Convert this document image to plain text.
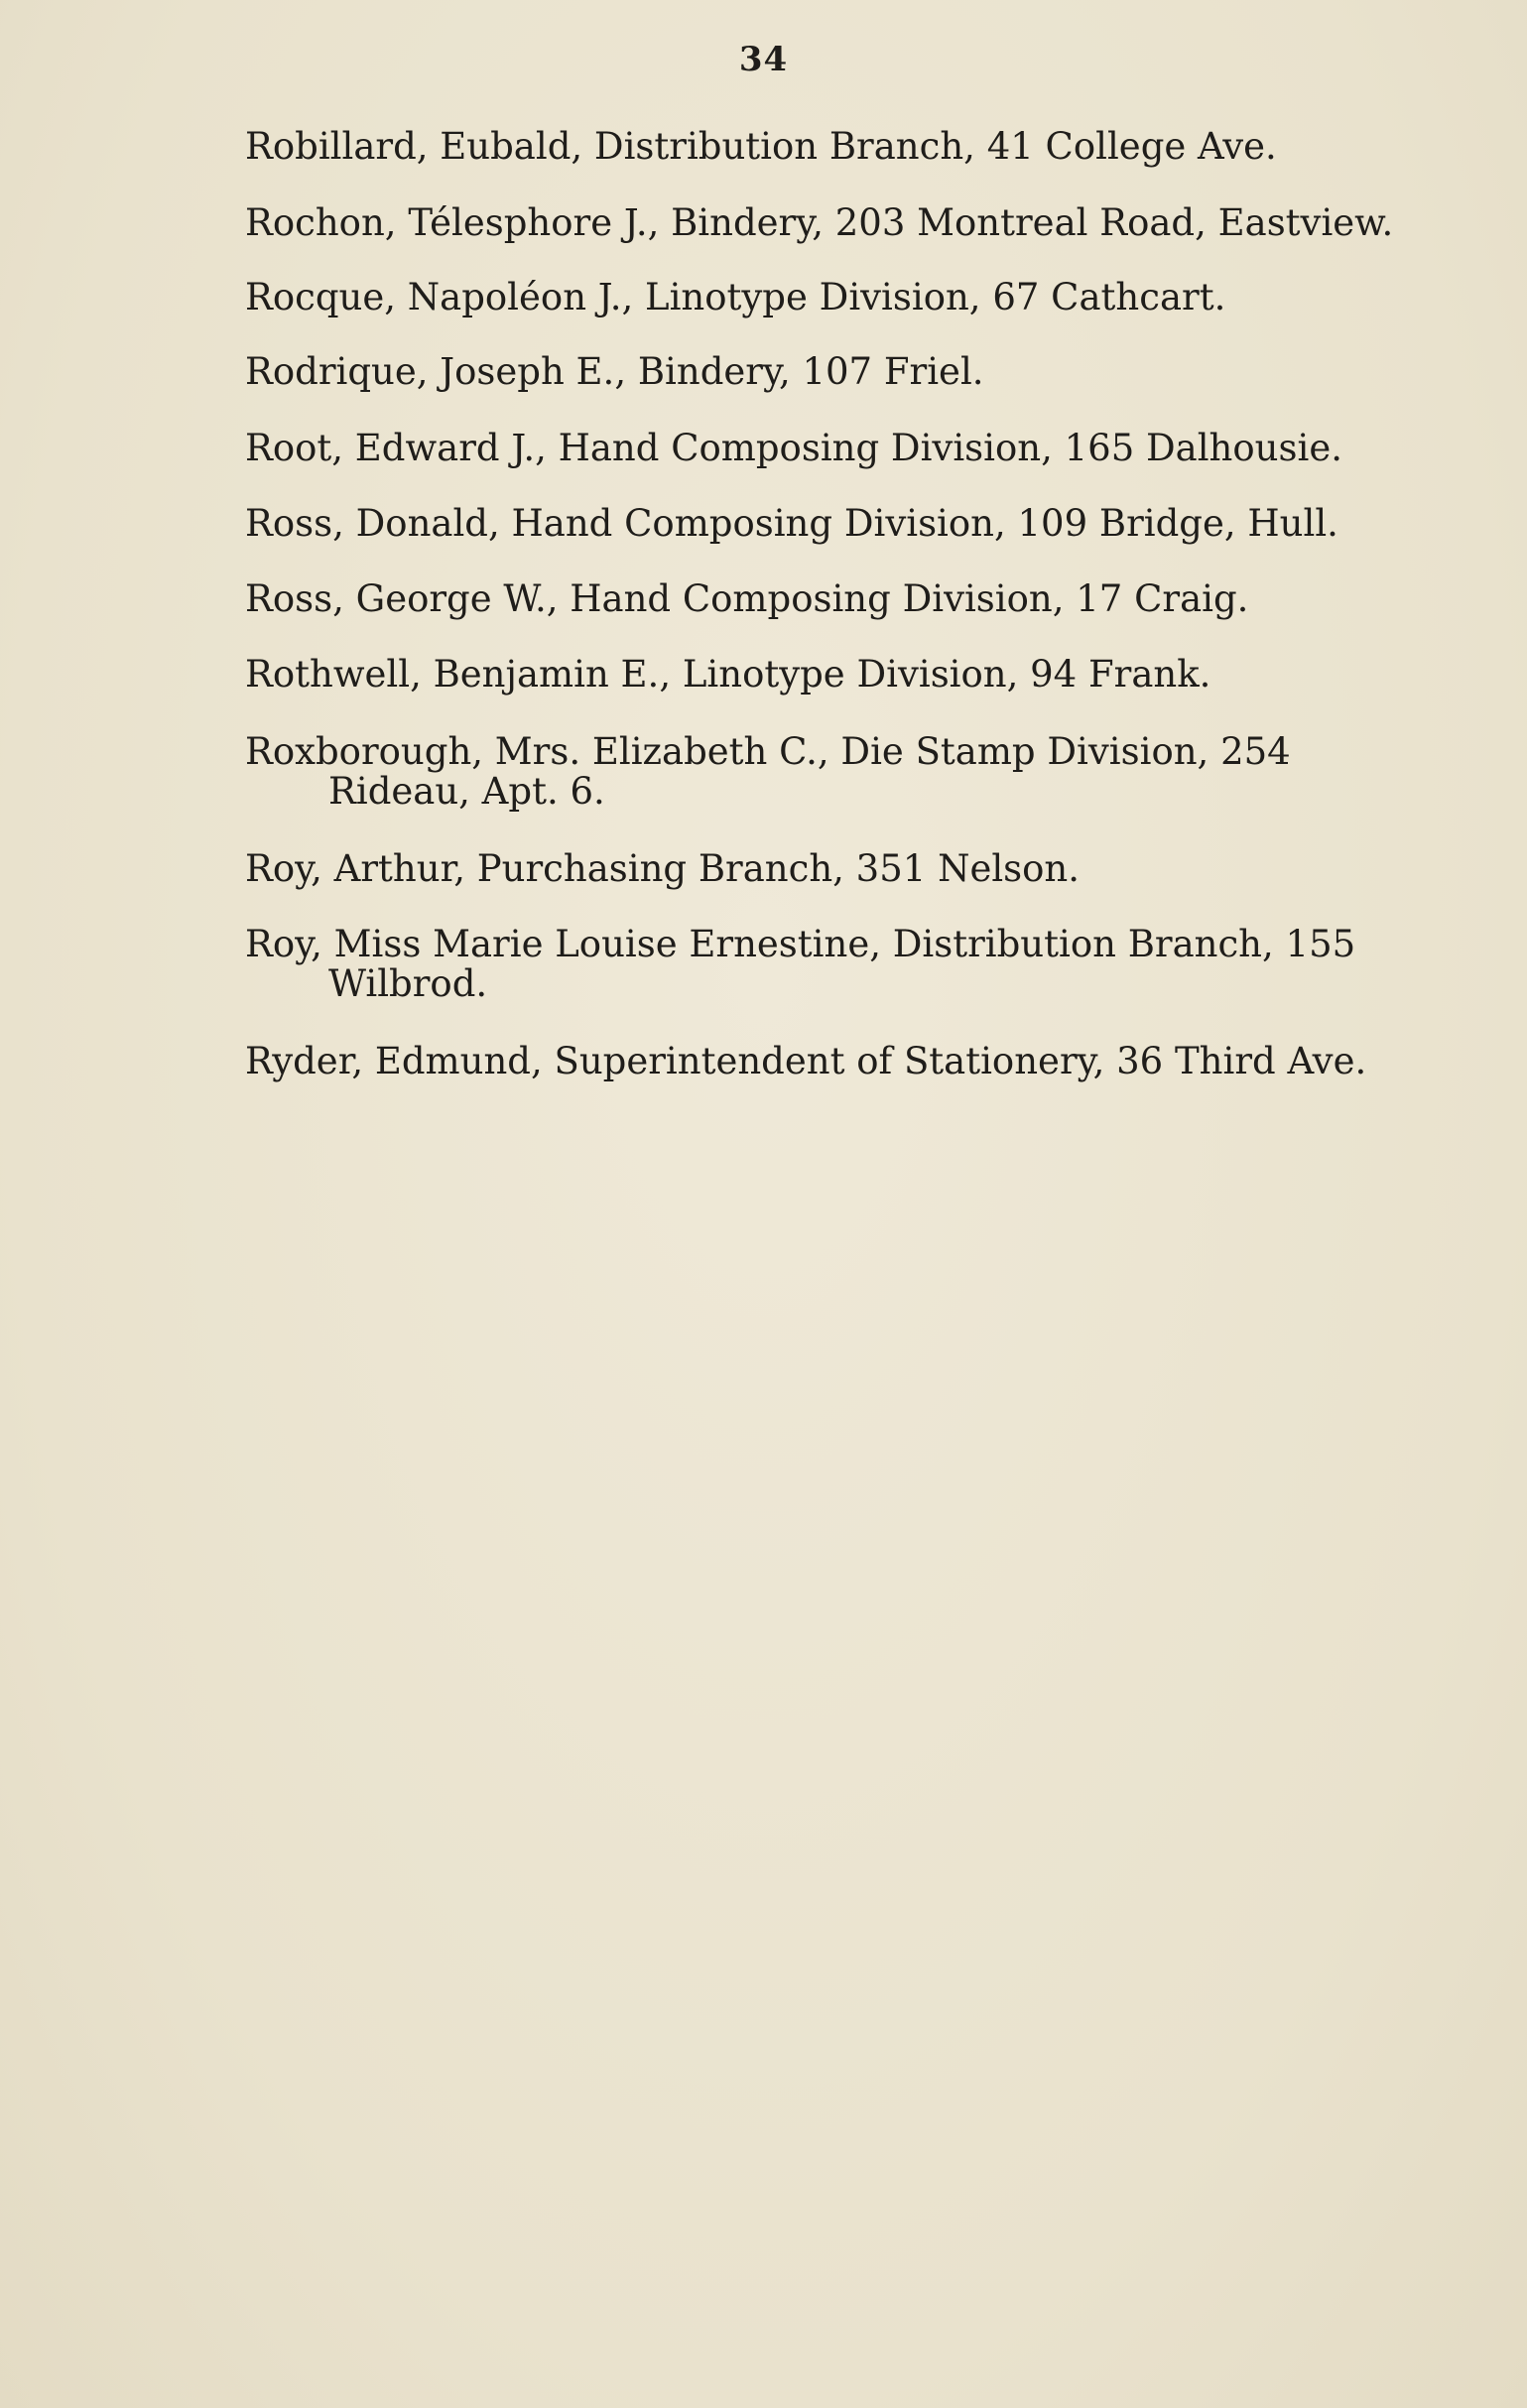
34
Robillard, Eubald, Distribution Branch, 41 College Ave.
Rochon, Télesphore J., Bindery, 203 Montreal Road, Eastview.
Rocque, Napoléon J., Linotype Division, 67 Cathcart.
Rodrique, Joseph E., Bindery, 107 Friel.
Root, Edward J., Hand Composing Division, 165 Dalhousie.
Ross, Donald, Hand Composing Division, 109 Bridge, Hull.
Ross, George W., Hand Composing Division, 17 Craig.
Rothwell, Benjamin E., Linotype Division, 94 Frank.
Roxborough, Mrs. Elizabeth C., Die Stamp Division, 254 Rideau, Apt. 6.
Roy, Arthur, Purchasing Branch, 351 Nelson.
Roy, Miss Marie Louise Ernestine, Distribution Branch, 155 Wilbrod.
Ryder, Edmund, Superintendent of Stationery, 36 Third Ave.
